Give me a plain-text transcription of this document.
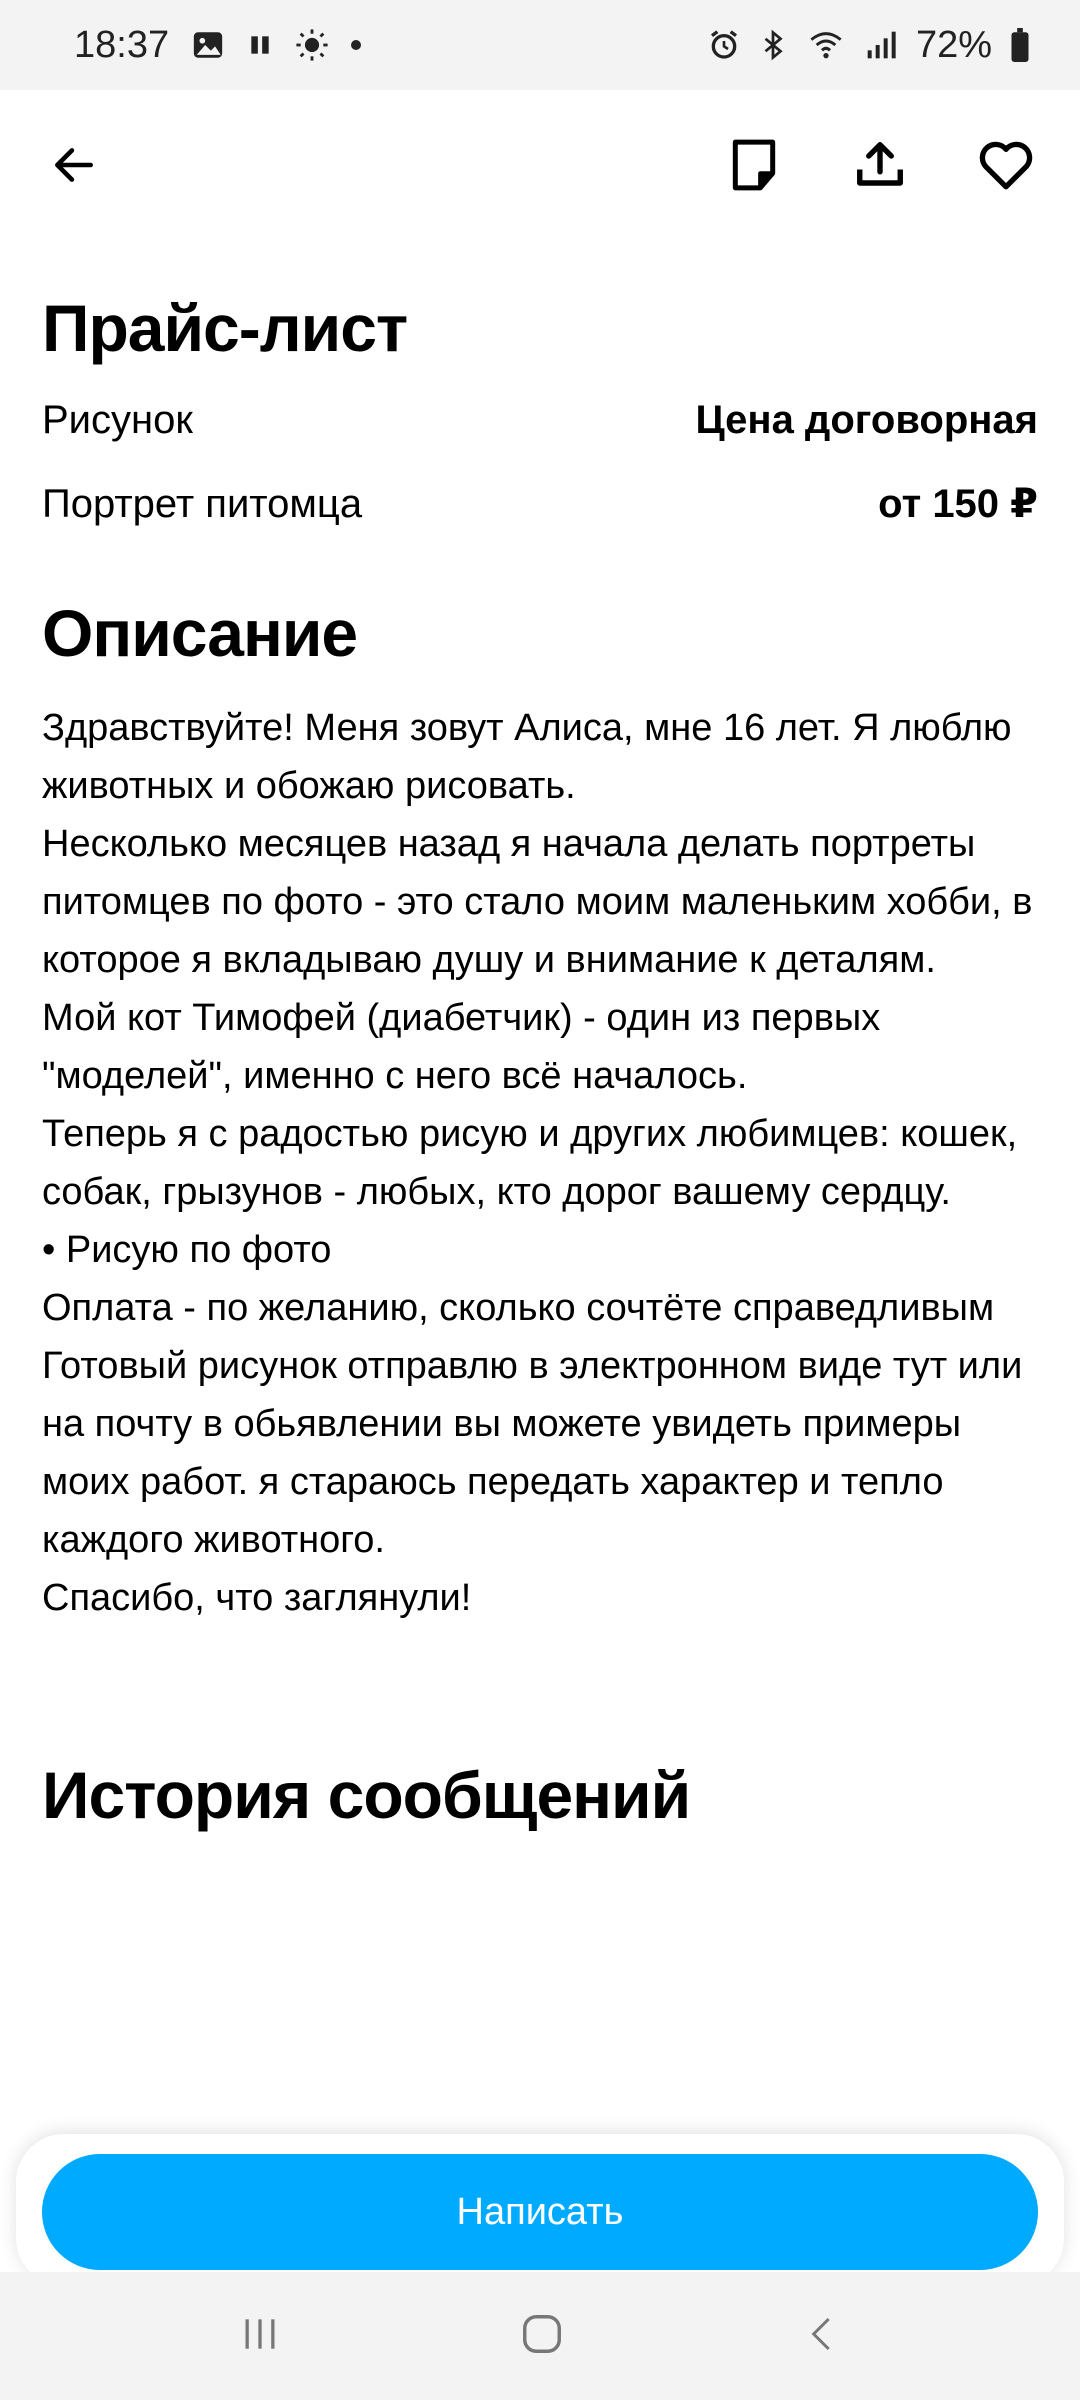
18:37	72%
Прайс-лист
Рисунок	Цена договорная
Портрет питомца	от 150 ₽
Описание

Здравствуйте! Меня зовут Алиса, мне 16 лет. Я люблю животных и обожаю рисовать.

Несколько месяцев назад я начала делать портреты питомцев по фото - это стало моим маленьким хобби, в которое я вкладываю душу и внимание к деталям.

Мой кот Тимофей (диабетчик) - один из первых "моделей", именно с него всё началось.

Теперь я с радостью рисую и других любимцев: кошек, собак, грызунов - любых, кто дорог вашему сердцу.

• Рисую по фото

Оплата - по желанию, сколько сочтёте справедливым

Готовый рисунок отправлю в электронном виде тут или на почту в обьявлении вы можете увидеть примеры моих работ. я стараюсь передать характер и тепло каждого животного.

Спасибо, что заглянули!

История сообщений
Написать
